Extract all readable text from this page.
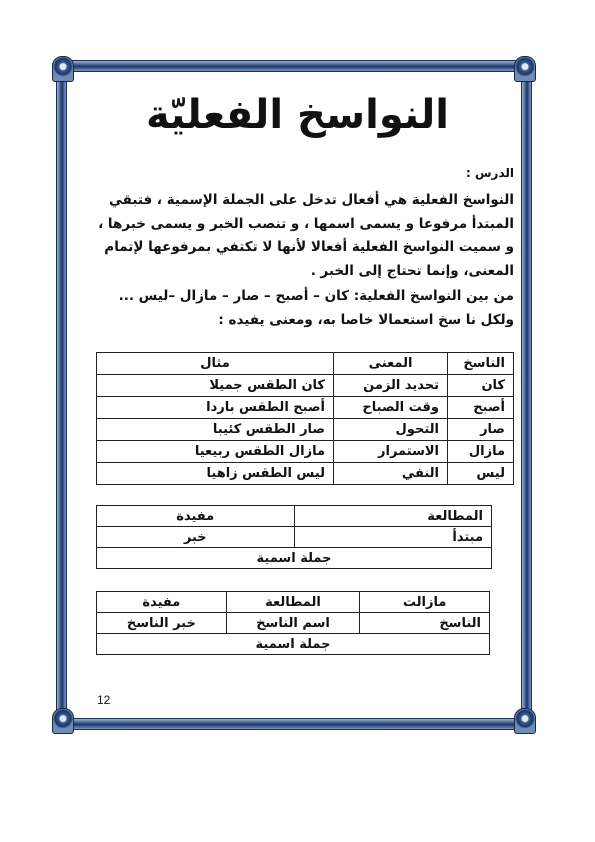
النواسخ الفعليّة
الدرس :

النواسخ الفعلية هي أفعال تدخل على الجملة الإسمية ، فتبقي

المبتدأ مرفوعا و يسمى اسمها ، و تنصب الخبر و يسمى خبرها ،

و سميت النواسخ الفعلية أفعالا لأنها لا تكتفي بمرفوعها لإتمام

المعنى، وإنما تحتاج إلى الخبر .

من بين النواسخ الفعلية: كان – أصبح – صار – مازال –ليس ...

ولكل نا سخ استعمالا خاصا به، ومعنى يفيده :

الناسخ	المعنى	مثال
كان	تحديد الزمن	كان الطقس جميلا
أصبح	وقت الصباح	أصبح الطقس باردا
صار	التحول	صار الطقس كئيبا
مازال	الاستمرار	مازال الطقس ربيعيا
ليس	النفي	ليس الطقس زاهيا
المطالعة	مفيدة
مبتدأ	خبر
جملة اسمية	
مازالت	المطالعة	مفيدة
الناسخ	اسم الناسخ	خبر الناسخ
جملة اسمية		
12
